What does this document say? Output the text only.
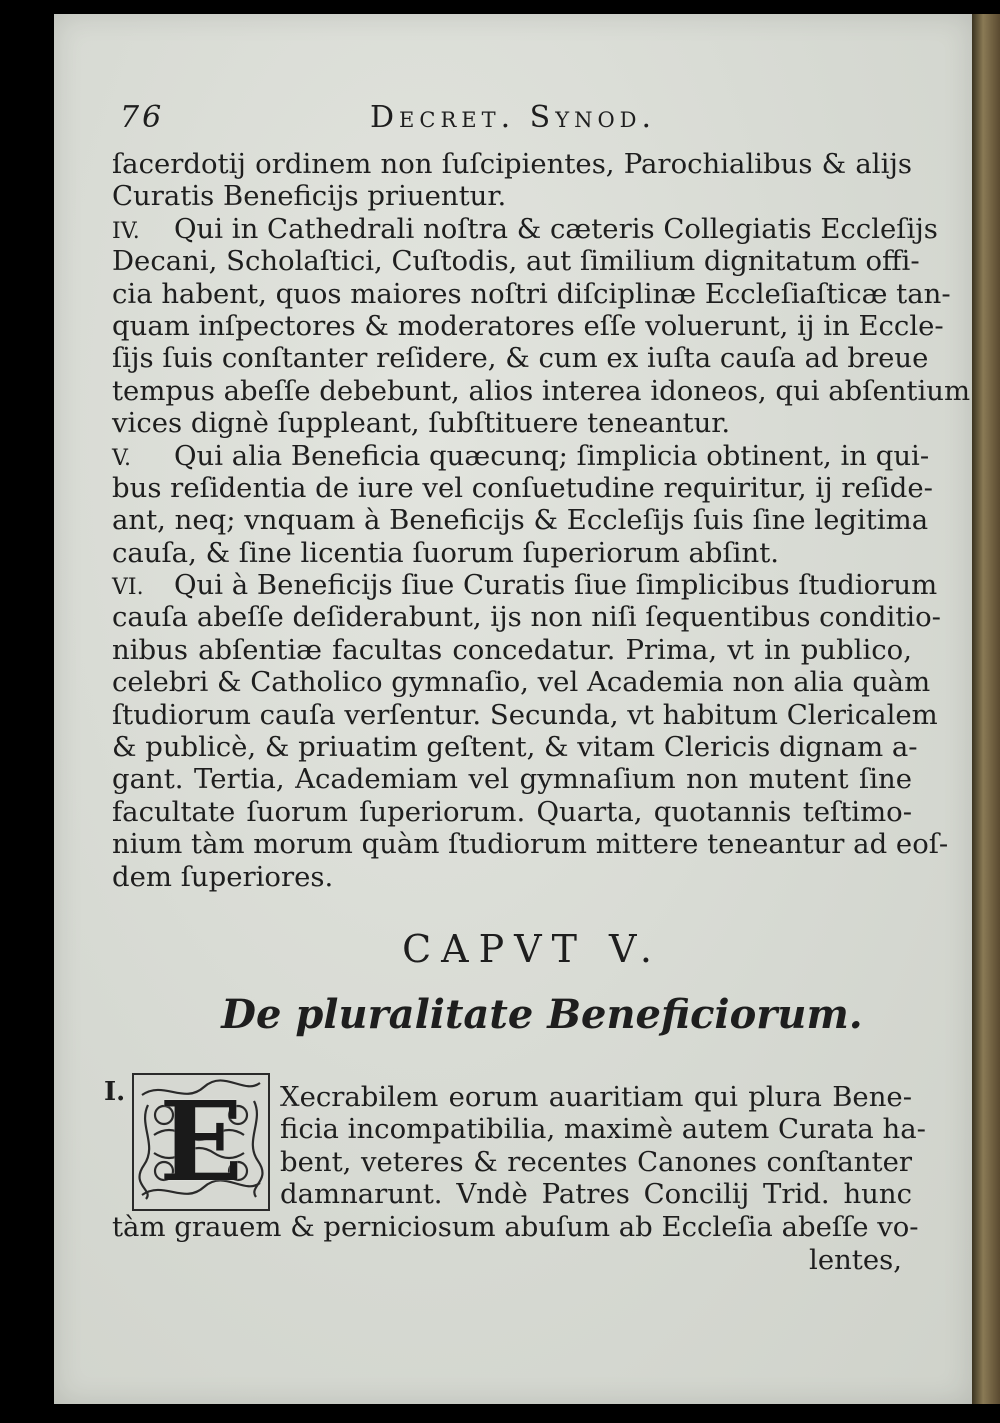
76	Decret. Synod.
ſacerdotij ordinem non ſuſcipientes, Parochialibus & alijs
Curatis Beneficijs priuentur.
IV. Qui in Cathedrali noſtra & cæteris Collegiatis Eccleſijs
Decani, Scholaſtici, Cuſtodis, aut ſimilium dignitatum offi-
cia habent, quos maiores noſtri diſciplinæ Eccleſiaſticæ tan-
quam inſpectores & moderatores eſſe voluerunt, ij in Eccle-
ſijs ſuis conſtanter reſidere, & cum ex iuſta cauſa ad breue
tempus abeſſe debebunt, alios interea idoneos, qui abſentium
vices dignè ſuppleant, ſubſtituere teneantur.
V. Qui alia Beneficia quæcunq; ſimplicia obtinent, in qui-
bus reſidentia de iure vel conſuetudine requiritur, ij reſide-
ant, neq; vnquam à Beneficijs & Eccleſijs ſuis ſine legitima
cauſa, & ſine licentia ſuorum ſuperiorum abſint.
VI. Qui à Beneficijs ſiue Curatis ſiue ſimplicibus ſtudiorum
cauſa abeſſe deſiderabunt, ijs non niſi ſequentibus conditio-
nibus abſentiæ facultas concedatur. Prima, vt in publico,
celebri & Catholico gymnaſio, vel Academia non alia quàm
ſtudiorum cauſa verſentur. Secunda, vt habitum Clericalem
& publicè, & priuatim geſtent, & vitam Clericis dignam a-
gant. Tertia, Academiam vel gymnaſium non mutent ſine
facultate ſuorum ſuperiorum. Quarta, quotannis teſtimo-
nium tàm morum quàm ſtudiorum mittere teneantur ad eoſ-
dem ſuperiores.
CAPVT V.
De pluralitate Beneficiorum.
I. E Xecrabilem eorum auaritiam qui plura Bene-
ficia incompatibilia, maximè autem Curata ha-
bent, veteres & recentes Canones conſtanter
damnarunt. Vndè Patres Concilij Trid. hunc
tàm grauem & perniciosum abuſum ab Eccleſia abeſſe vo-
lentes,
